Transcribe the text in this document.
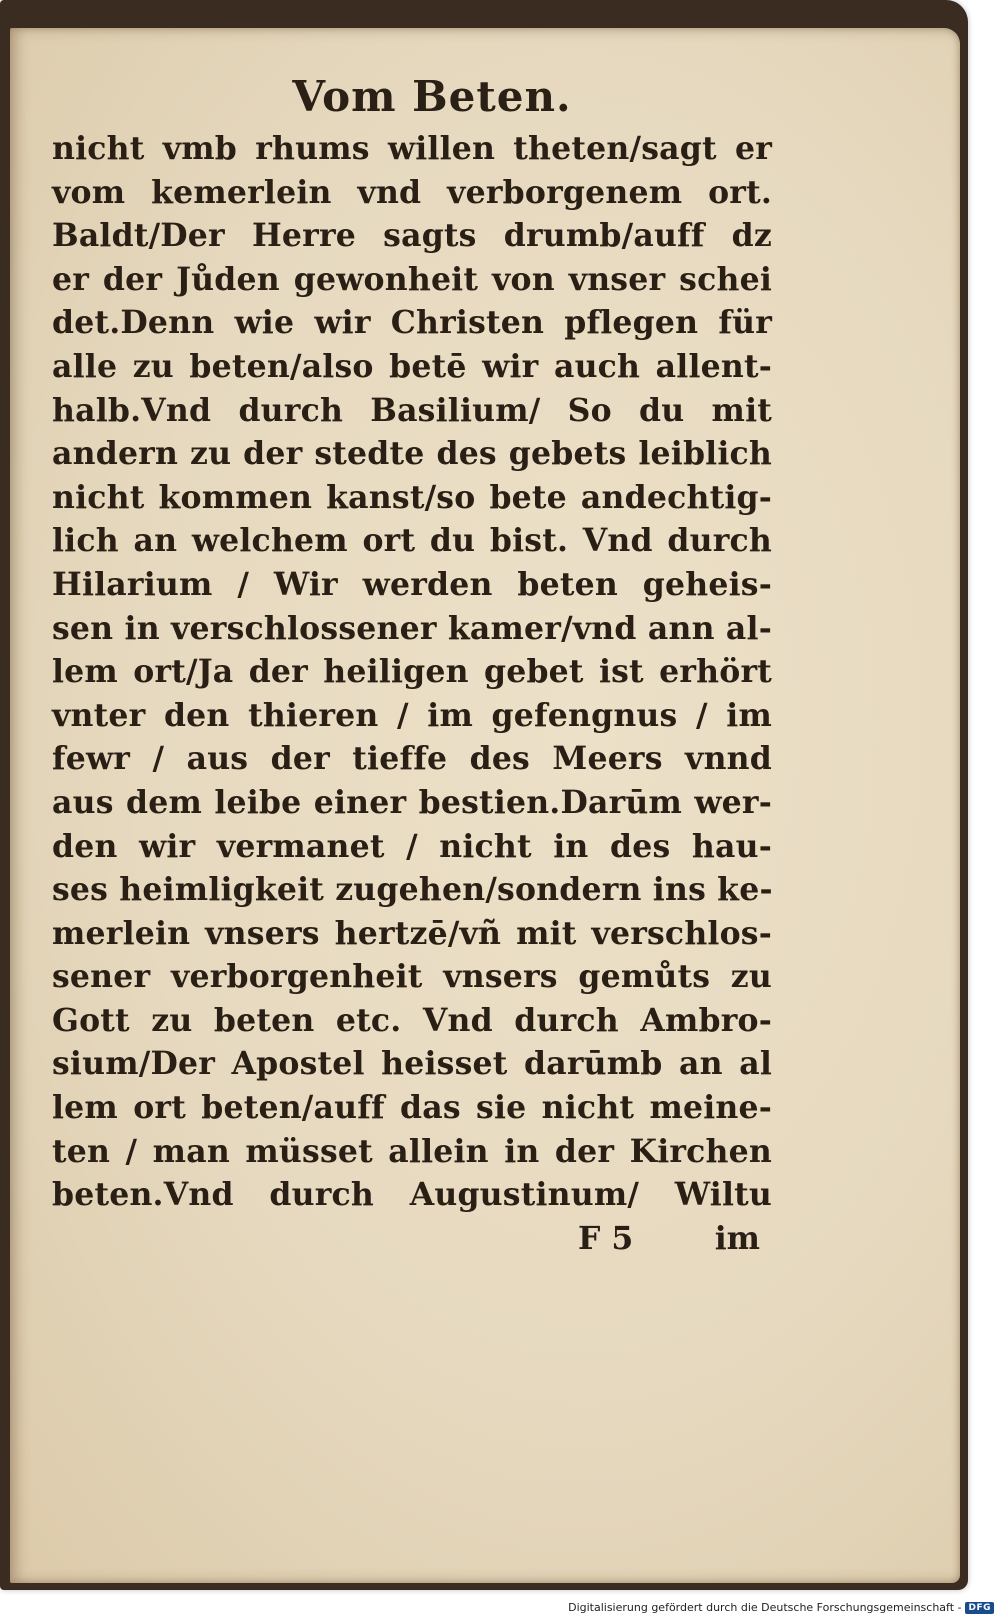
Vom Beten.
nicht vmb rhums willen theten/sagt er
vom kemerlein vnd verborgenem ort.
Baldt/Der Herre sagts drumb/auff dz
er der Jůden gewonheit von vnser schei
det.Denn wie wir Christen pflegen für
alle zu beten/also betē wir auch allent-
halb.Vnd durch Basilium/ So du mit
andern zu der stedte des gebets leiblich
nicht kommen kanst/so bete andechtig-
lich an welchem ort du bist. Vnd durch
Hilarium / Wir werden beten geheis-
sen in verschlossener kamer/vnd ann al-
lem ort/Ja der heiligen gebet ist erhört
vnter den thieren / im gefengnus / im
fewr / aus der tieffe des Meers vnnd
aus dem leibe einer bestien.Darūm wer-
den wir vermanet / nicht in des hau-
ses heimligkeit zugehen/sondern ins ke-
merlein vnsers hertzē/vñ mit verschlos-
sener verborgenheit vnsers gemůts zu
Gott zu beten etc. Vnd durch Ambro-
sium/Der Apostel heisset darūmb an al
lem ort beten/auff das sie nicht meine-
ten / man müsset allein in der Kirchen
beten.Vnd durch Augustinum/ Wiltu
F 5	im
Digitalisierung gefördert durch die Deutsche Forschungsgemeinschaft - DFG
